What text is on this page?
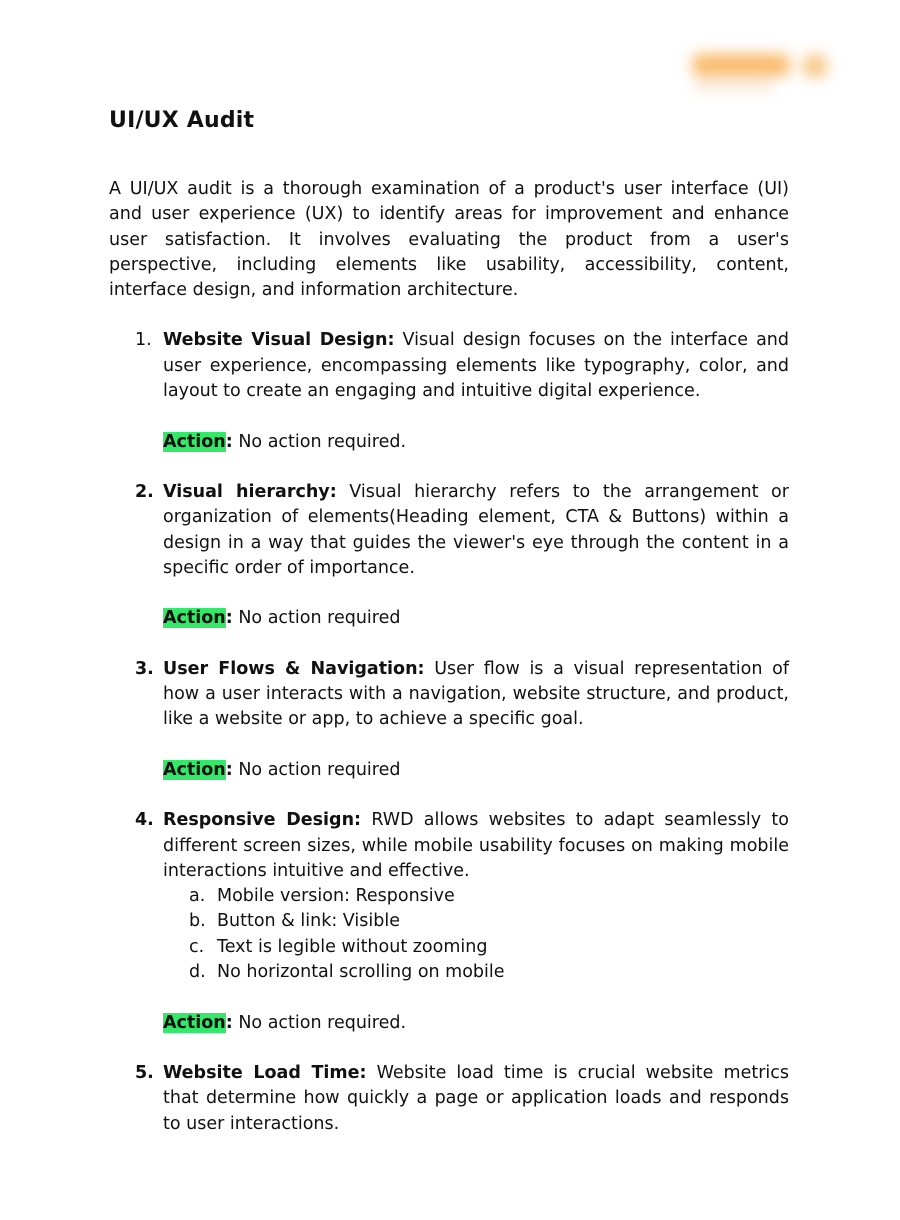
UI/UX Audit

A UI/UX audit is a thorough examination of a product's user interface (UI) and user experience (UX) to identify areas for improvement and enhance user satisfaction. It involves evaluating the product from a user's perspective, including elements like usability, accessibility, content, interface design, and information architecture.

1. Website Visual Design: Visual design focuses on the interface and user experience, encompassing elements like typography, color, and layout to create an engaging and intuitive digital experience.

Action: No action required.
2. Visual hierarchy: Visual hierarchy refers to the arrangement or organization of elements(Heading element, CTA & Buttons) within a design in a way that guides the viewer's eye through the content in a specific order of importance.

Action: No action required
3. User Flows & Navigation: User flow is a visual representation of how a user interacts with a navigation, website structure, and product, like a website or app, to achieve a specific goal.

Action: No action required
4. Responsive Design: RWD allows websites to adapt seamlessly to different screen sizes, while mobile usability focuses on making mobile interactions intuitive and effective.

a. Mobile version: Responsive
b. Button & link: Visible
c. Text is legible without zooming
d. No horizontal scrolling on mobile
Action: No action required.
5. Website Load Time: Website load time is crucial website metrics that determine how quickly a page or application loads and responds to user interactions.
